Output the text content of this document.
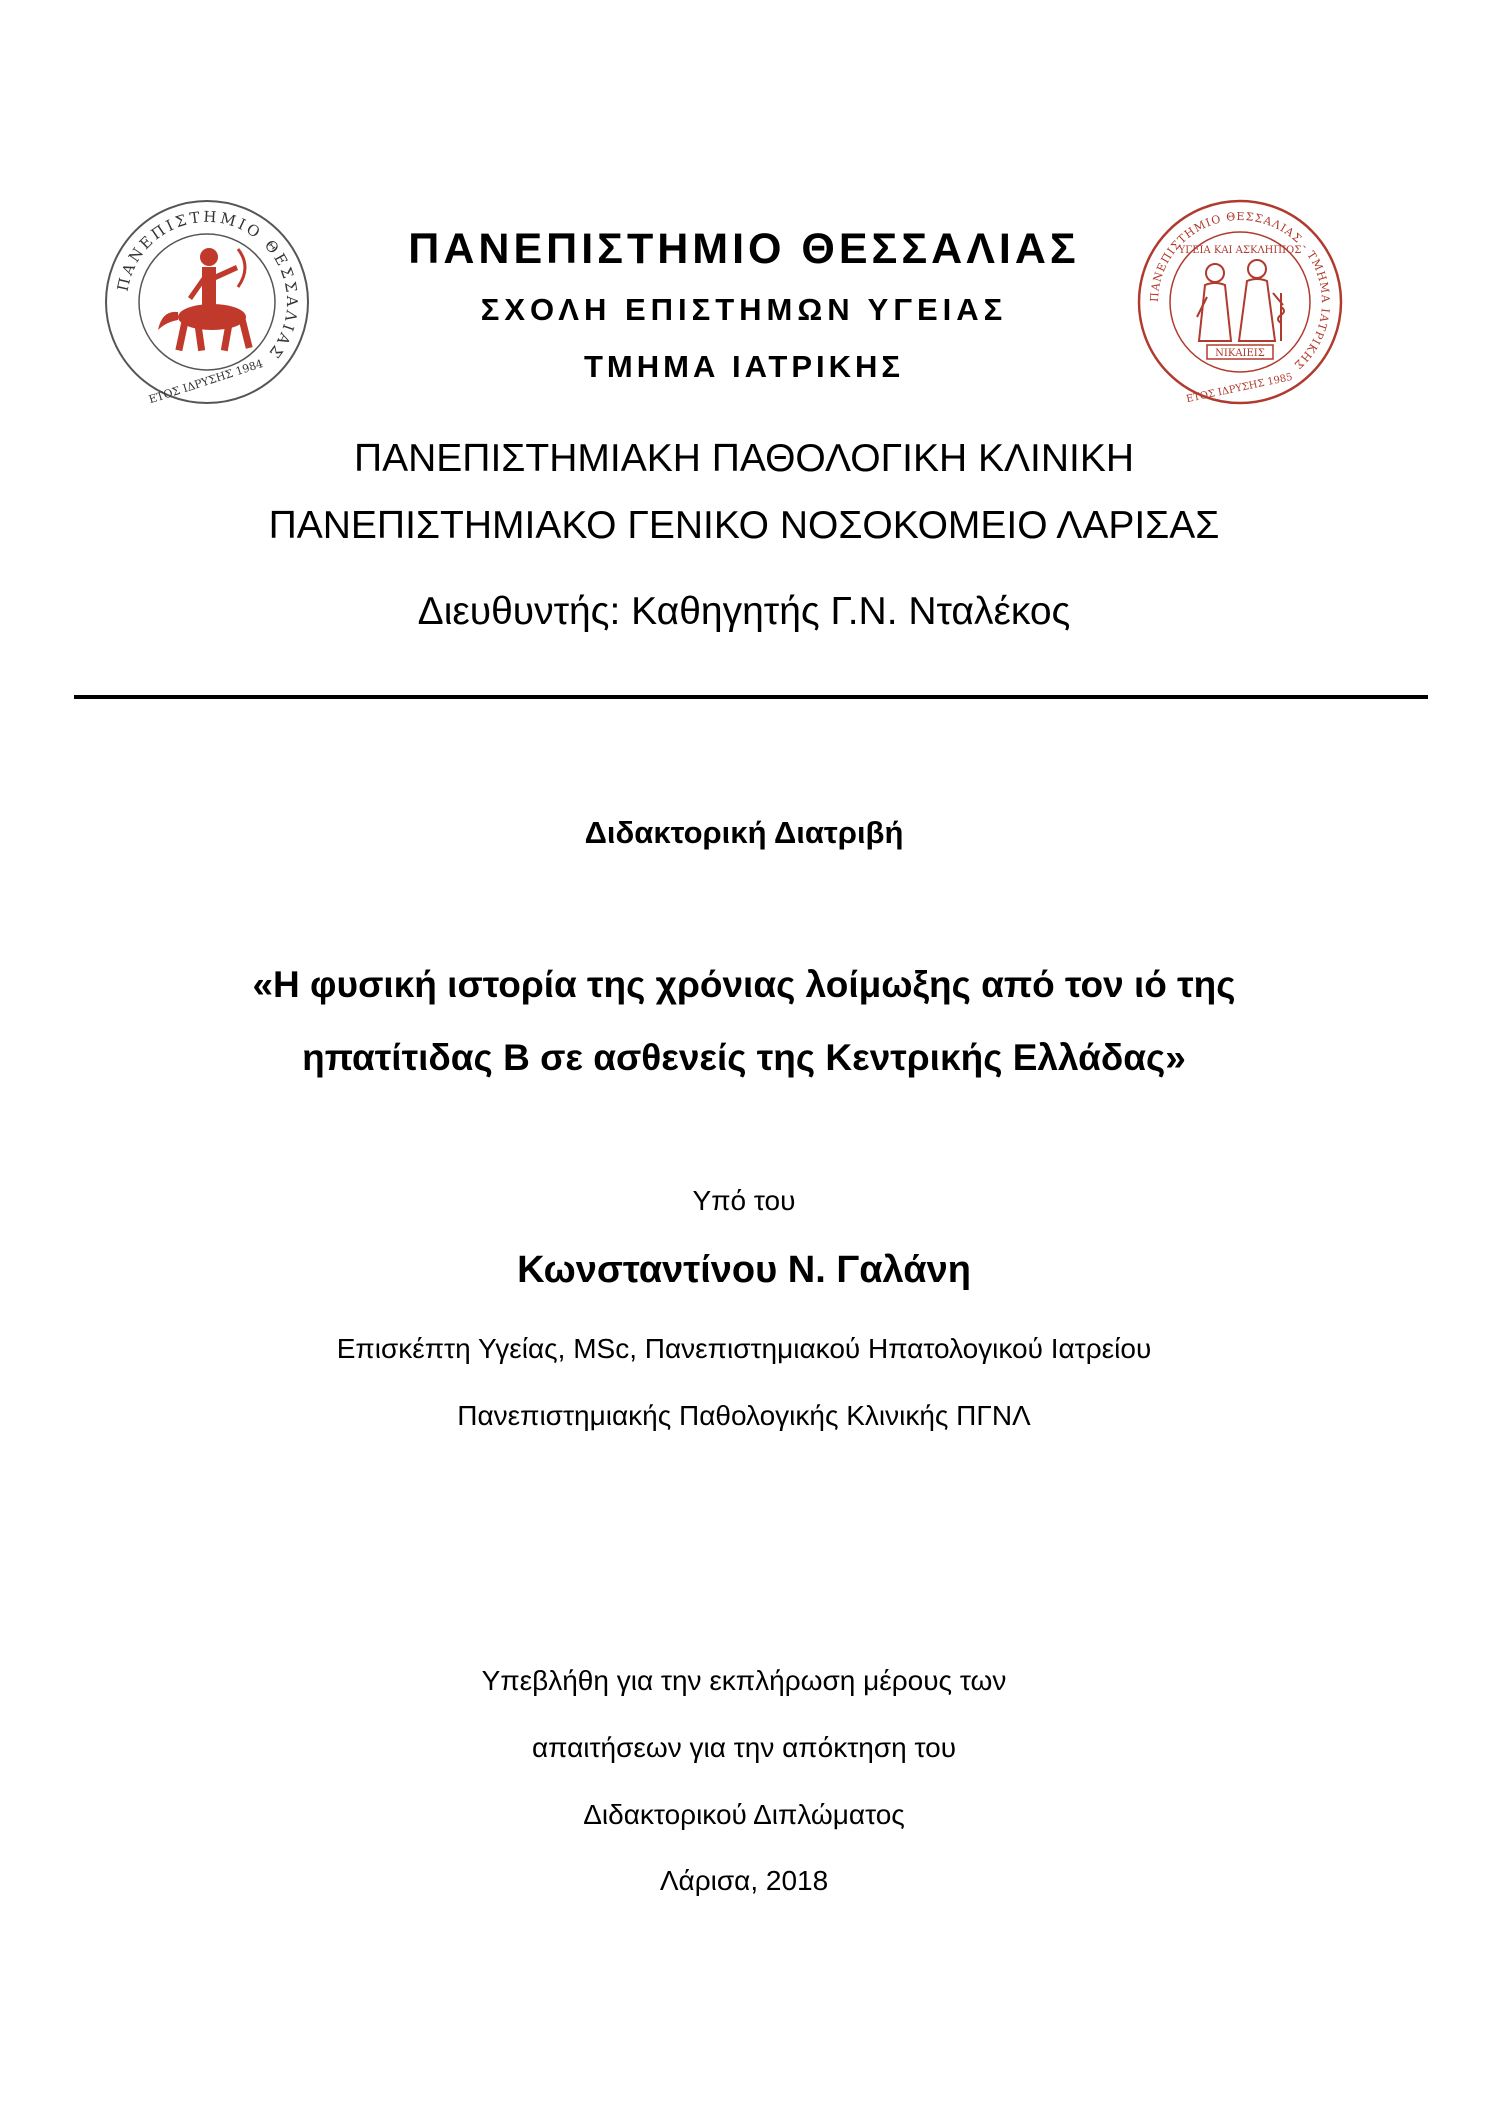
ΠΑΝΕΠΙΣΤΗΜΙΟ ΘΕΣΣΑΛΙΑΣ
ΕΤΟΣ ΙΔΡΥΣΗΣ 1984
ΠΑΝΕΠΙΣΤΗΜΙΟ ΘΕΣΣΑΛΙΑΣ - ΤΜΗΜΑ ΙΑΤΡΙΚΗΣ
ΕΤΟΣ ΙΔΡΥΣΗΣ 1985
ΥΓΕΙΑ ΚΑΙ ΑΣΚΛΗΠΙΟΣ
ΝΙΚΑΙΕΙΣ
ΠΑΝΕΠΙΣΤΗΜΙΟ ΘΕΣΣΑΛΙΑΣ
ΣΧΟΛΗ ΕΠΙΣΤΗΜΩΝ ΥΓΕΙΑΣ
ΤΜΗΜΑ ΙΑΤΡΙΚΗΣ
ΠΑΝΕΠΙΣΤΗΜΙΑΚΗ ΠΑΘΟΛΟΓΙΚΗ ΚΛΙΝΙΚΗ
ΠΑΝΕΠΙΣΤΗΜΙΑΚΟ ΓΕΝΙΚΟ ΝΟΣΟΚΟΜΕΙΟ ΛΑΡΙΣΑΣ
Διευθυντής: Καθηγητής Γ.Ν. Νταλέκος
Διδακτορική Διατριβή
«Η φυσική ιστορία της χρόνιας λοίμωξης από τον ιό της
ηπατίτιδας Β σε ασθενείς της Κεντρικής Ελλάδας»
Υπό του
Κωνσταντίνου Ν. Γαλάνη
Επισκέπτη Υγείας, MSc, Πανεπιστημιακού Ηπατολογικού Ιατρείου
Πανεπιστημιακής Παθολογικής Κλινικής ΠΓΝΛ
Υπεβλήθη για την εκπλήρωση μέρους των
απαιτήσεων για την απόκτηση του
Διδακτορικού Διπλώματος
Λάρισα, 2018
